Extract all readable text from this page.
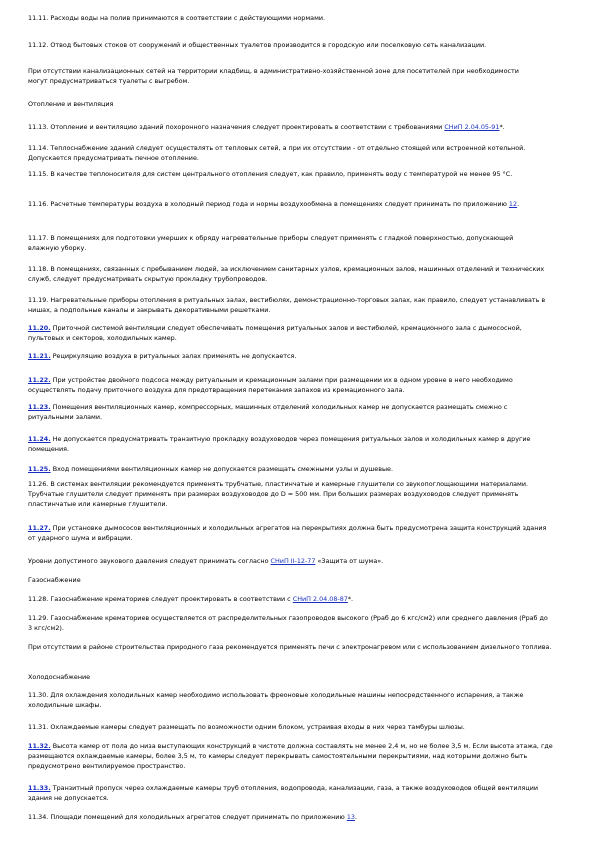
11.11. Расходы воды на полив принимаются в соответствии с действующими нормами.

11.12. Отвод бытовых стоков от сооружений и общественных туалетов производится в городскую или поселковую сеть канализации.

При отсутствии канализационных сетей на территории кладбищ, в административно-хозяйственной зоне для посетителей при необходимости могут предусматриваться туалеты с выгребом.

Отопление и вентиляция

11.13. Отопление и вентиляцию зданий похоронного назначения следует проектировать в соответствии с требованиями СНиП 2.04.05-91*.

11.14. Теплоснабжение зданий следует осуществлять от тепловых сетей, а при их отсутствии - от отдельно стоящей или встроенной котельной. Допускается предусматривать печное отопление.

11.15. В качестве теплоносителя для систем центрального отопления следует, как правило, применять воду с температурой не менее 95 °С.

11.16. Расчетные температуры воздуха в холодный период года и нормы воздухообмена в помещениях следует принимать по приложению 12.

11.17. В помещениях для подготовки умерших к обряду нагревательные приборы следует применять с гладкой поверхностью, допускающей влажную уборку.

11.18. В помещениях, связанных с пребыванием людей, за исключением санитарных узлов, кремационных залов, машинных отделений и технических служб, следует предусматривать скрытую прокладку трубопроводов.

11.19. Нагревательные приборы отопления в ритуальных залах, вестибюлях, демонстрационно-торговых залах, как правило, следует устанавливать в нишах, а подпольные каналы и закрывать декоративными решетками.

11.20. Приточной системой вентиляции следует обеспечивать помещения ритуальных залов и вестибюлей, кремационного зала с дымососной, пультовых и секторов, холодильных камер.

11.21. Рециркуляцию воздуха в ритуальных залах применять не допускается.

11.22. При устройстве двойного подсоса между ритуальным и кремационным залами при размещении их в одном уровне в него необходимо осуществлять подачу приточного воздуха для предотвращения перетекания запахов из кремационного зала.

11.23. Помещения вентиляционных камер, компрессорных, машинных отделений холодильных камер не допускается размещать смежно с ритуальными залами.

11.24. Не допускается предусматривать транзитную прокладку воздуховодов через помещения ритуальных залов и холодильных камер в другие помещения.

11.25. Вход помещениями вентиляционных камер не допускается размещать смежными узлы и душевые.

11.26. В системах вентиляции рекомендуется применять трубчатые, пластинчатые и камерные глушители со звукопоглощающими материалами. Трубчатые глушители следует применять при размерах воздуховодов до D = 500 мм. При больших размерах воздуховодов следует применять пластинчатые или камерные глушители.

11.27. При установке дымососов вентиляционных и холодильных агрегатов на перекрытиях должна быть предусмотрена защита конструкций здания от ударного шума и вибрации.

Уровни допустимого звукового давления следует принимать согласно СНиП II-12-77 «Защита от шума».

Газоснабжение

11.28. Газоснабжение крематориев следует проектировать в соответствии с СНиП 2.04.08-87*.

11.29. Газоснабжение крематориев осуществляется от распределительных газопроводов высокого (Рраб до 6 кгс/см2) или среднего давления (Рраб до 3 кгс/см2).

При отсутствии в районе строительства природного газа рекомендуется применять печи с электронагревом или с использованием дизельного топлива.

Холодоснабжение

11.30. Для охлаждения холодильных камер необходимо использовать фреоновые холодильные машины непосредственного испарения, а также холодильные шкафы.

11.31. Охлаждаемые камеры следует размещать по возможности одним блоком, устраивая входы в них через тамбуры шлюзы.

11.32. Высота камер от пола до низа выступающих конструкций в чистоте должна составлять не менее 2,4 м, но не более 3,5 м. Если высота этажа, где размещаются охлаждаемые камеры, более 3,5 м, то камеры следует перекрывать самостоятельными перекрытиями, над которыми должно быть предусмотрено вентилируемое пространство.

11.33. Транзитный пропуск через охлаждаемые камеры труб отопления, водопровода, канализации, газа, а также воздуховодов общей вентиляции здания не допускается.

11.34. Площади помещений для холодильных агрегатов следует принимать по приложению 13.
